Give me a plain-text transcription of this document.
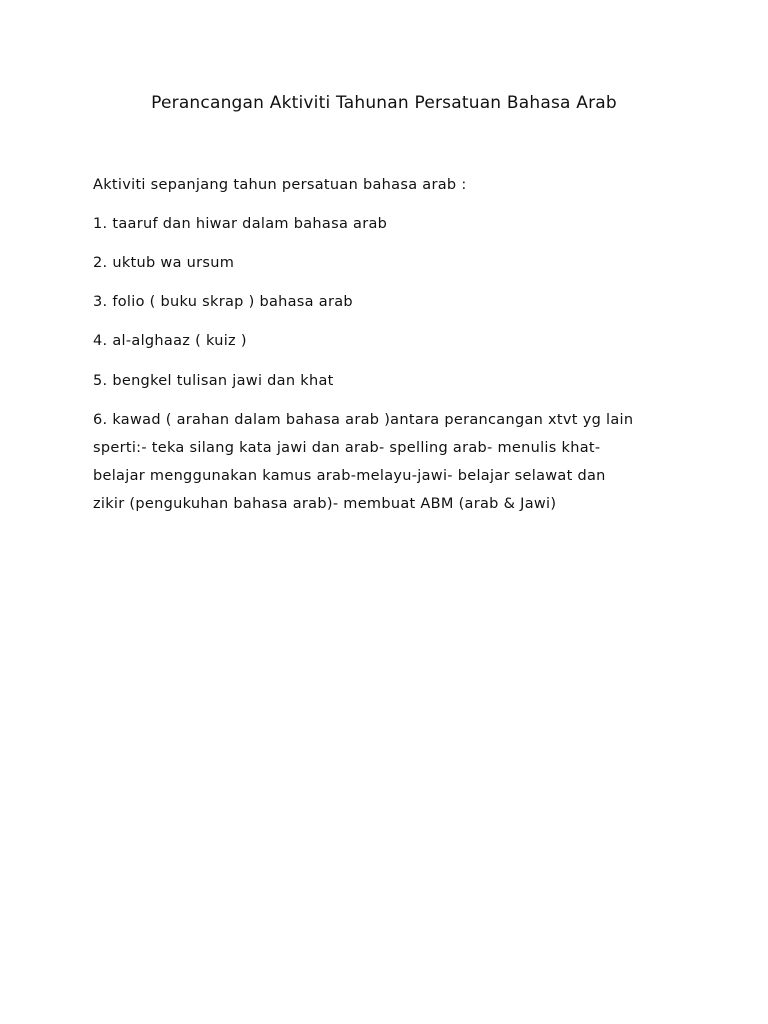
Perancangan Aktiviti Tahunan Persatuan Bahasa Arab
Aktiviti sepanjang tahun persatuan bahasa arab :
1. taaruf dan hiwar dalam bahasa arab
2. uktub wa ursum
3. folio ( buku skrap ) bahasa arab
4. al-alghaaz ( kuiz )
5. bengkel tulisan jawi dan khat
6. kawad ( arahan dalam bahasa arab )antara perancangan xtvt yg lain
sperti:- teka silang kata jawi dan arab- spelling arab- menulis khat-
belajar menggunakan kamus arab-melayu-jawi- belajar selawat dan
zikir (pengukuhan bahasa arab)- membuat ABM (arab & Jawi)
